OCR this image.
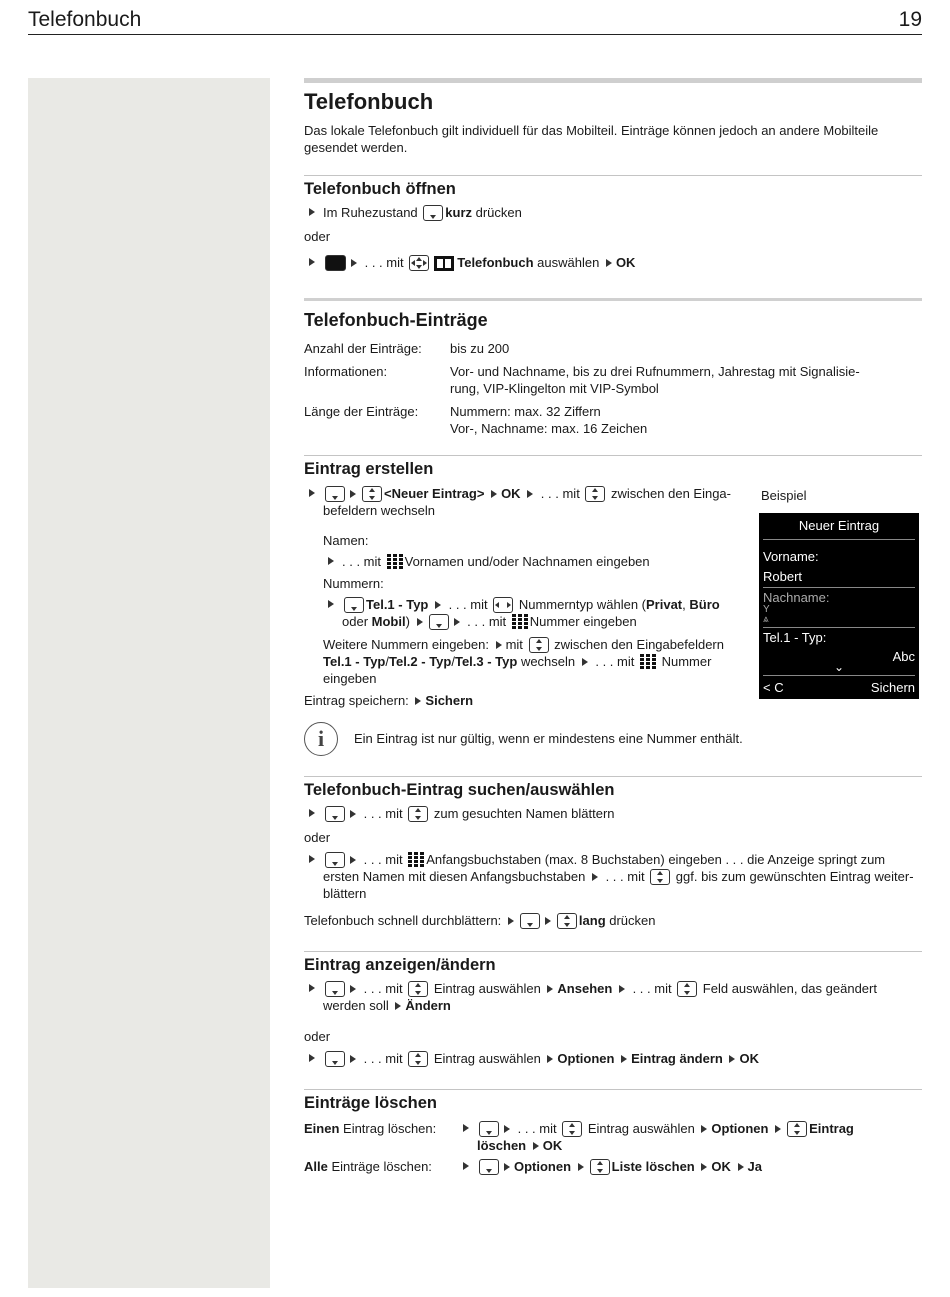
Telefonbuch	19
Telefonbuch
Das lokale Telefonbuch gilt individuell für das Mobilteil. Einträge können jedoch an andere Mobilteile gesendet werden.
Telefonbuch öffnen
Im Ruhezustand
kurz drücken
oder
. . . mit	Telefonbuch auswählen OK
Telefonbuch-Einträge
Anzahl der Einträge: bis zu 200
Informationen:	Vor- und Nachname, bis zu drei Rufnummern, Jahrestag mit Signalisie-rung, VIP-Klingelton mit VIP-Symbol
Länge der Einträge: Nummern: max. 32 Ziffern
Vor-, Nachname: max. 16 Zeichen
Eintrag erstellen
<Neuer Eintrag> OK  . . . mit
zwischen den Einga-
befeldern wechseln
Namen:
. . . mit Vornamen und/oder Nachnamen eingeben
Nummern:
Tel.1 - Typ  . . . mit
Nummerntyp wählen (Privat, Büro oder Mobil)	. . . mit Nummer eingeben
Weitere Nummern eingeben: mit
zwischen den Eingabefeldern Tel.1 - Typ/Tel.2 - Typ/Tel.3 - Typ wechseln  . . . mit  Nummer eingeben
Eintrag speichern: Sichern
Beispiel
Neuer Eintrag
Vorname:
Robert
Nachname:
Y
⩓
Tel.1 - Typ:
Abc
⌄
< C	Sichern
i	Ein Eintrag ist nur gültig, wenn er mindestens eine Nummer enthält.
Telefonbuch-Eintrag suchen/auswählen
. . . mit
zum gesuchten Namen blättern
oder
. . . mit Anfangsbuchstaben (max. 8 Buchstaben) eingeben . . . die Anzeige springt zum ersten Namen mit diesen Anfangsbuchstaben  . . . mit
ggf. bis zum gewünschten Eintrag weiter-blättern
Telefonbuch schnell durchblättern:	lang drücken
Eintrag anzeigen/ändern
. . . mit
Eintrag auswählen Ansehen  . . . mit
Feld auswählen, das geändert werden soll Ändern
oder
. . . mit
Eintrag auswählen Optionen Eintrag ändern OK
Einträge löschen
Einen Eintrag löschen:	. . . mit
Eintrag auswählen Optionen	Eintrag löschen OK
Alle Einträge löschen:	Optionen	Liste löschen OK Ja
